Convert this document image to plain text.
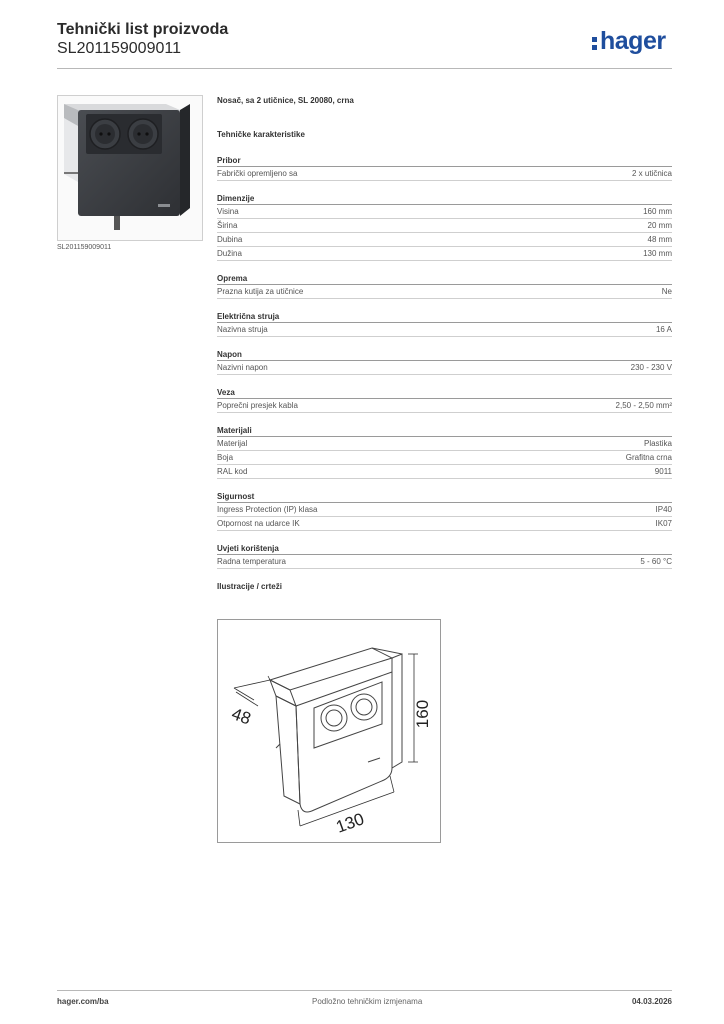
Tehnički list proizvoda
SL201159009011	hager
SL201159009011
Nosač, sa 2 utičnice, SL 20080, crna
Tehničke karakteristike
Pribor
Fabrički opremljeno sa	2 x utičnica
Dimenzije
Visina	160 mm
Širina	20 mm
Dubina	48 mm
Dužina	130 mm
Oprema
Prazna kutija za utičnice	Ne
Električna struja
Nazivna struja	16 A
Napon
Nazivni napon	230 - 230 V
Veza
Poprečni presjek kabla	2,50 - 2,50 mm²
Materijali
Materijal	Plastika
Boja	Grafitna crna
RAL kod	9011
Sigurnost
Ingress Protection (IP) klasa	IP40
Otpornost na udarce IK	IK07
Uvjeti korištenja
Radna temperatura	5 - 60 °C
Ilustracije / crteži
48	160
130
hager.com/ba	Podložno tehničkim izmjenama	04.03.2026
